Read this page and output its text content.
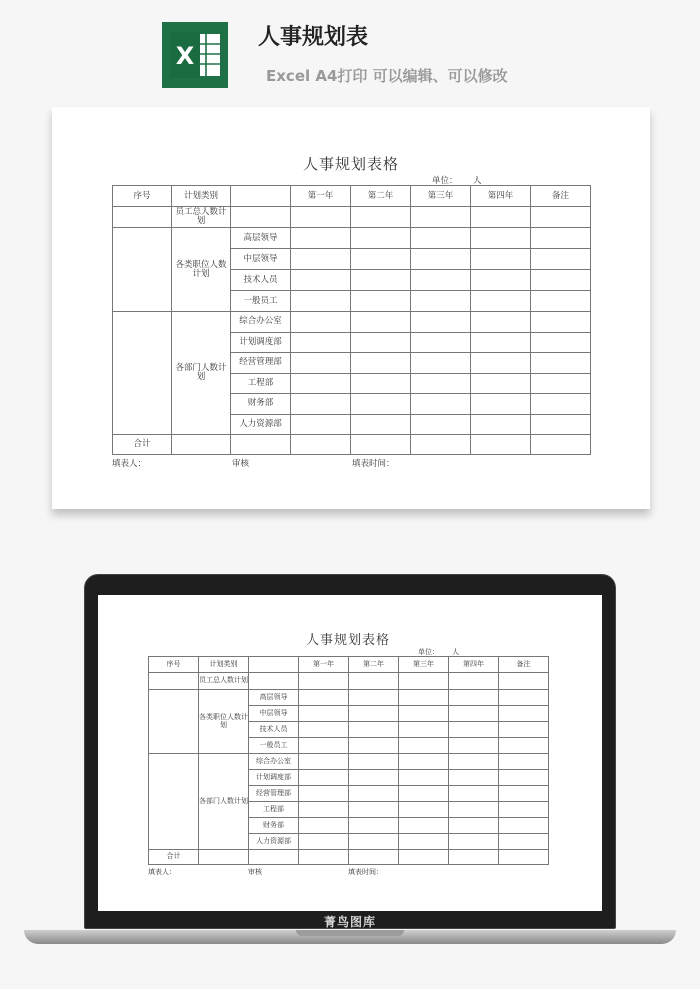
X
人事规划表
Excel A4打印 可以编辑、可以修改
人事规划表格
单位： 人
序号	计划类别		第一年	第二年	第三年	第四年	备注
	员工总人数计划						
	各类职位人数计划	高层领导					
		中层领导					
		技术人员					
		一般员工					
	各部门人数计划	综合办公室					
		计划调度部					
		经营管理部					
		工程部					
		财务部					
		人力资源部					
合计							
填表人：	审核	填表时间：
人事规划表格
单位： 人
序号	计划类别		第一年	第二年	第三年	第四年	备注
	员工总人数计划						
	各类职位人数计划	高层领导					
		中层领导					
		技术人员					
		一般员工					
	各部门人数计划	综合办公室					
		计划调度部					
		经营管理部					
		工程部					
		财务部					
		人力资源部					
合计							
填表人：	审核	填表时间：
菁鸟图库
